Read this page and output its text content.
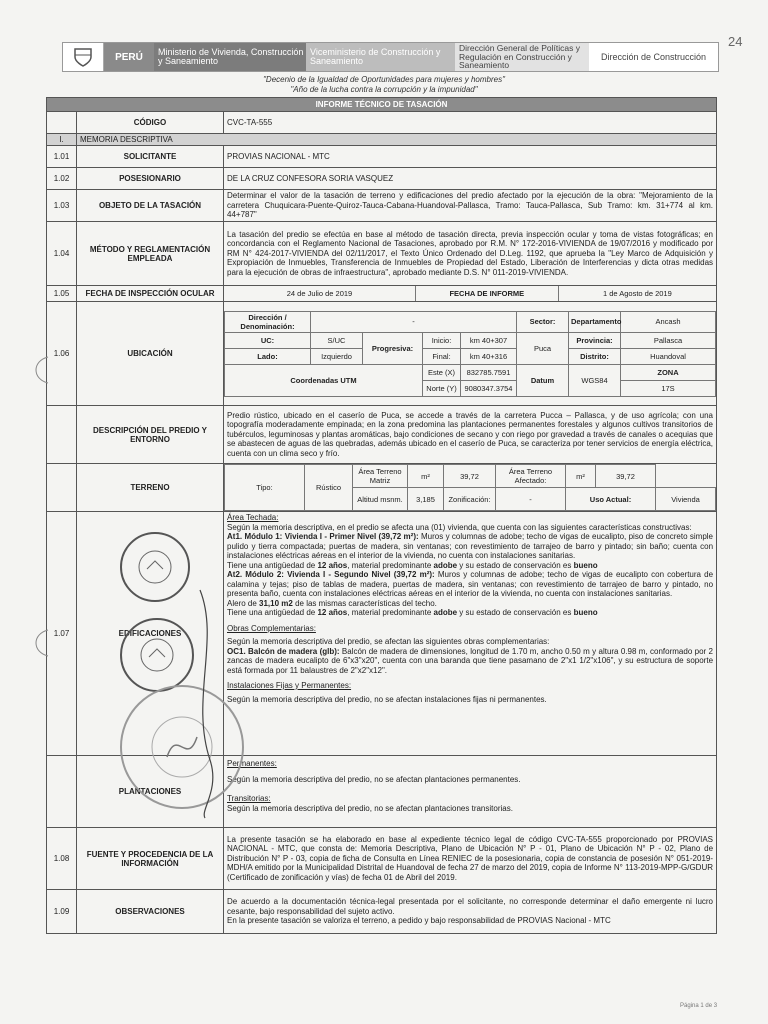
24
PERÚ	Ministerio de Vivienda, Construcción y Saneamiento
Viceministerio de Construcción y Saneamiento
Dirección General de Políticas y Regulación en Construcción y Saneamiento
Dirección de Construcción
"Decenio de la Igualdad de Oportunidades para mujeres y hombres"
"Año de la lucha contra la corrupción y la impunidad"
INFORME TÉCNICO DE TASACIÓN
	CÓDIGO	CVC-TA-555
I.	MEMORIA DESCRIPTIVA
1.01	SOLICITANTE	PROVIAS NACIONAL - MTC
1.02	POSESIONARIO	DE LA CRUZ CONFESORA SORIA VASQUEZ
1.03	OBJETO DE LA TASACIÓN	Determinar el valor de la tasación de terreno y edificaciones del predio afectado por la ejecución de la obra: "Mejoramiento de la carretera Chuquicara-Puente-Quiroz-Tauca-Cabana-Huandoval-Pallasca, Tramo: Tauca-Pallasca, Sub Tramo: km. 31+774 al km. 44+787"
1.04	MÉTODO Y REGLAMENTACIÓN EMPLEADA	La tasación del predio se efectúa en base al método de tasación directa, previa inspección ocular y toma de vistas fotográficas; en concordancia con el Reglamento Nacional de Tasaciones, aprobado por R.M. N° 172-2016-VIVIENDA de 19/07/2016 y modificado por RM N° 424-2017-VIVIENDA del 02/11/2017, el Texto Único Ordenado del D.Leg. 1192, que aprueba la "Ley Marco de Adquisición y Expropiación de Inmuebles, Transferencia de Inmuebles de Propiedad del Estado, Liberación de Interferencias y dicta otras medidas para la ejecución de obras de infraestructura", aprobado mediante D.S. N° 011-2019-VIVIENDA.
1.05	FECHA DE INSPECCIÓN OCULAR		24 de Julio de 2019	FECHA DE INFORME	1 de Agosto de 2019

1.06	UBICACIÓN	
Dirección / Denominación:	-	Sector:	Departamento	Ancash
UC:	S/UC	Progresiva:	Inicio:	km 40+307	Puca	Provincia:	Pallasca
Lado:	Izquierdo	Final:	km 40+316	Distrito:	Huandoval
Coordenadas UTM	Este (X)	832785.7591	Datum	WGS84	ZONA
Norte (Y)	9080347.3754	17S

	DESCRIPCIÓN DEL PREDIO Y ENTORNO	Predio rústico, ubicado en el caserío de Puca, se accede a través de la carretera Pucca – Pallasca, y de uso agrícola; con una topografía moderadamente empinada; en la zona predomina las plantaciones permanentes forestales y algunos cultivos transitorios de tubérculos, leguminosas y plantas aromáticas, bajo condiciones de secano y con riego por gravedad a través de canales o acequias que se abastecen de aguas de las quebradas, además ubicado en el caserío de Puca, se caracteriza por tener servicios de energía eléctrica, cuenta con un clima seco y frío.
	TERRENO		Tipo:	Rústico	Área Terreno Matriz	m²	39,72	Área Terreno Afectado:	m²	39,72
Altitud msnm.	3,185	Zonificación:	-	Uso Actual:	Vivienda

1.07	EDIFICACIONES	
Área Techada:
Según la memoria descriptiva, en el predio se afecta una (01) vivienda, que cuenta con las siguientes características constructivas:
At1. Módulo 1: Vivienda I - Primer Nivel (39,72 m²): Muros y columnas de adobe; techo de vigas de eucalipto, piso de concreto simple pulido y tierra compactada; puertas de madera, sin ventanas; con revestimiento de tarrajeo de barro y pintado; sin baño; cuenta con instalaciones eléctricas aéreas en el interior de la vivienda, no cuenta con instalaciones sanitarias.
Tiene una antigüedad de 12 años, material predominante adobe y su estado de conservación es bueno
At2. Módulo 2: Vivienda I - Segundo Nivel (39,72 m²): Muros y columnas de adobe; techo de vigas de eucalipto con cobertura de calamina y tejas; piso de tablas de madera, puertas de madera, sin ventanas; con revestimiento de tarrajeo de barro y pintado, no presenta baño, cuenta con instalaciones eléctricas aéreas en el interior de la vivienda, no cuenta con instalaciones sanitarias.
Alero de 31,10 m2 de las mismas características del techo.
Tiene una antigüedad de 12 años, material predominante adobe y su estado de conservación es bueno
Obras Complementarias:
Según la memoria descriptiva del predio, se afectan las siguientes obras complementarias:
OC1. Balcón de madera (glb): Balcón de madera de dimensiones, longitud de 1.70 m, ancho 0.50 m y altura 0.98 m, conformado por 2 zancas de madera eucalipto de 6"x3"x20", cuenta con una baranda que tiene pasamano de 2"x1 1/2"x106", y su estructura de soporte está formada por 11 balaustres de 2"x2"x12".
Instalaciones Fijas y Permanentes:
Según la memoria descriptiva del predio, no se afectan instalaciones fijas ni permanentes.

	PLANTACIONES	
Permanentes:
Según la memoria descriptiva del predio, no se afectan plantaciones permanentes.
Transitorias:
Según la memoria descriptiva del predio, no se afectan plantaciones transitorias.

1.08	FUENTE Y PROCEDENCIA DE LA INFORMACIÓN	La presente tasación se ha elaborado en base al expediente técnico legal de código CVC-TA-555 proporcionado por PROVIAS NACIONAL - MTC, que consta de: Memoria Descriptiva, Plano de Ubicación N° P - 01, Plano de Ubicación N° P - 02, Plano de Distribución N° P - 03, copia de ficha de Consulta en Línea RENIEC de la posesionaria, copia de constancia de posesión N° 051-2019-MDH/A emitido por la Municipalidad Distrital de Huandoval de fecha 27 de marzo del 2019, copia de Informe N° 113-2019-MPP-G/GDUR (Certificado de zonificación y vías) de fecha 01 de Abril del 2019.
1.09	OBSERVACIONES	
De acuerdo a la documentación técnica-legal presentada por el solicitante, no corresponde determinar el daño emergente ni lucro cesante, bajo responsabilidad del sujeto activo.
En la presente tasación se valoriza el terreno, a pedido y bajo responsabilidad de PROVIAS Nacional - MTC
Página 1 de 3
